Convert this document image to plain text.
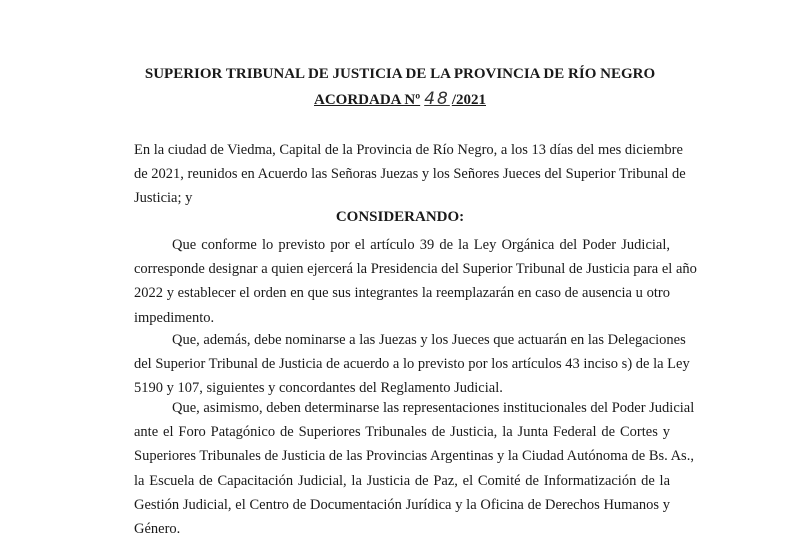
SUPERIOR TRIBUNAL DE JUSTICIA DE LA PROVINCIA DE RÍO NEGRO
ACORDADA Nº 48 /2021
En la ciudad de Viedma, Capital de la Provincia de Río Negro, a los 13 días del mes diciembre
de 2021, reunidos en Acuerdo las Señoras Juezas y los Señores Jueces del Superior Tribunal de
Justicia; y
CONSIDERANDO:
Que conforme lo previsto por el artículo 39 de la Ley Orgánica del Poder Judicial,
corresponde designar a quien ejercerá la Presidencia del Superior Tribunal de Justicia para el año
2022 y establecer el orden en que sus integrantes la reemplazarán en caso de ausencia u otro
impedimento.
Que, además, debe nominarse a las Juezas y los Jueces que actuarán en las Delegaciones
del Superior Tribunal de Justicia de acuerdo a lo previsto por los artículos 43 inciso s) de la Ley
5190 y 107, siguientes y concordantes del Reglamento Judicial.
Que, asimismo, deben determinarse las representaciones institucionales del Poder Judicial
ante el Foro Patagónico de Superiores Tribunales de Justicia, la Junta Federal de Cortes y
Superiores Tribunales de Justicia de las Provincias Argentinas y la Ciudad Autónoma de Bs. As.,
la Escuela de Capacitación Judicial, la Justicia de Paz, el Comité de Informatización de la
Gestión Judicial, el Centro de Documentación Jurídica y la Oficina de Derechos Humanos y
Género.
